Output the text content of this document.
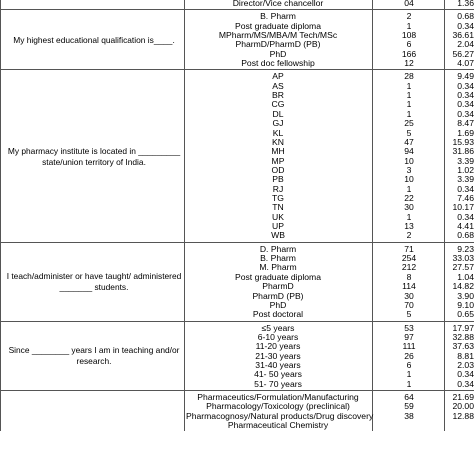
Director/Vice chancellor	04	1.36
My highest educational qualification is____.
B. Pharm	2	0.68
Post graduate diploma	1	0.34
MPharm/MS/MBA/M Tech/MSc	108	36.61
PharmD/PharmD (PB)	6	2.04
PhD	166	56.27
Post doc fellowship	12	4.07
My pharmacy institute is located in _________ state/union territory of India.
AP	28	9.49
AS	1	0.34
BR	1	0.34
CG	1	0.34
DL	1	0.34
GJ	25	8.47
KL	5	1.69
KN	47	15.93
MH	94	31.86
MP	10	3.39
OD	3	1.02
PB	10	3.39
RJ	1	0.34
TG	22	7.46
TN	30	10.17
UK	1	0.34
UP	13	4.41
WB	2	0.68
I teach/administer or have taught/ administered _______ students.
D. Pharm	71	9.23
B. Pharm	254	33.03
M. Pharm	212	27.57
Post graduate diploma	8	1.04
PharmD	114	14.82
PharmD (PB)	30	3.90
PhD	70	9.10
Post doctoral	5	0.65
Since ________ years I am in teaching and/or research.
≤5 years	53	17.97
6-10 years	97	32.88
11-20 years	111	37.63
21-30 years	26	8.81
31-40 years	6	2.03
41- 50 years	1	0.34
51- 70 years	1	0.34
Pharmaceutics/Formulation/Manufacturing	64	21.69
Pharmacology/Toxicology (preclinical)	59	20.00
Pharmacognosy/Natural products/Drug discovery	38	12.88
Pharmaceutical Chemistry
